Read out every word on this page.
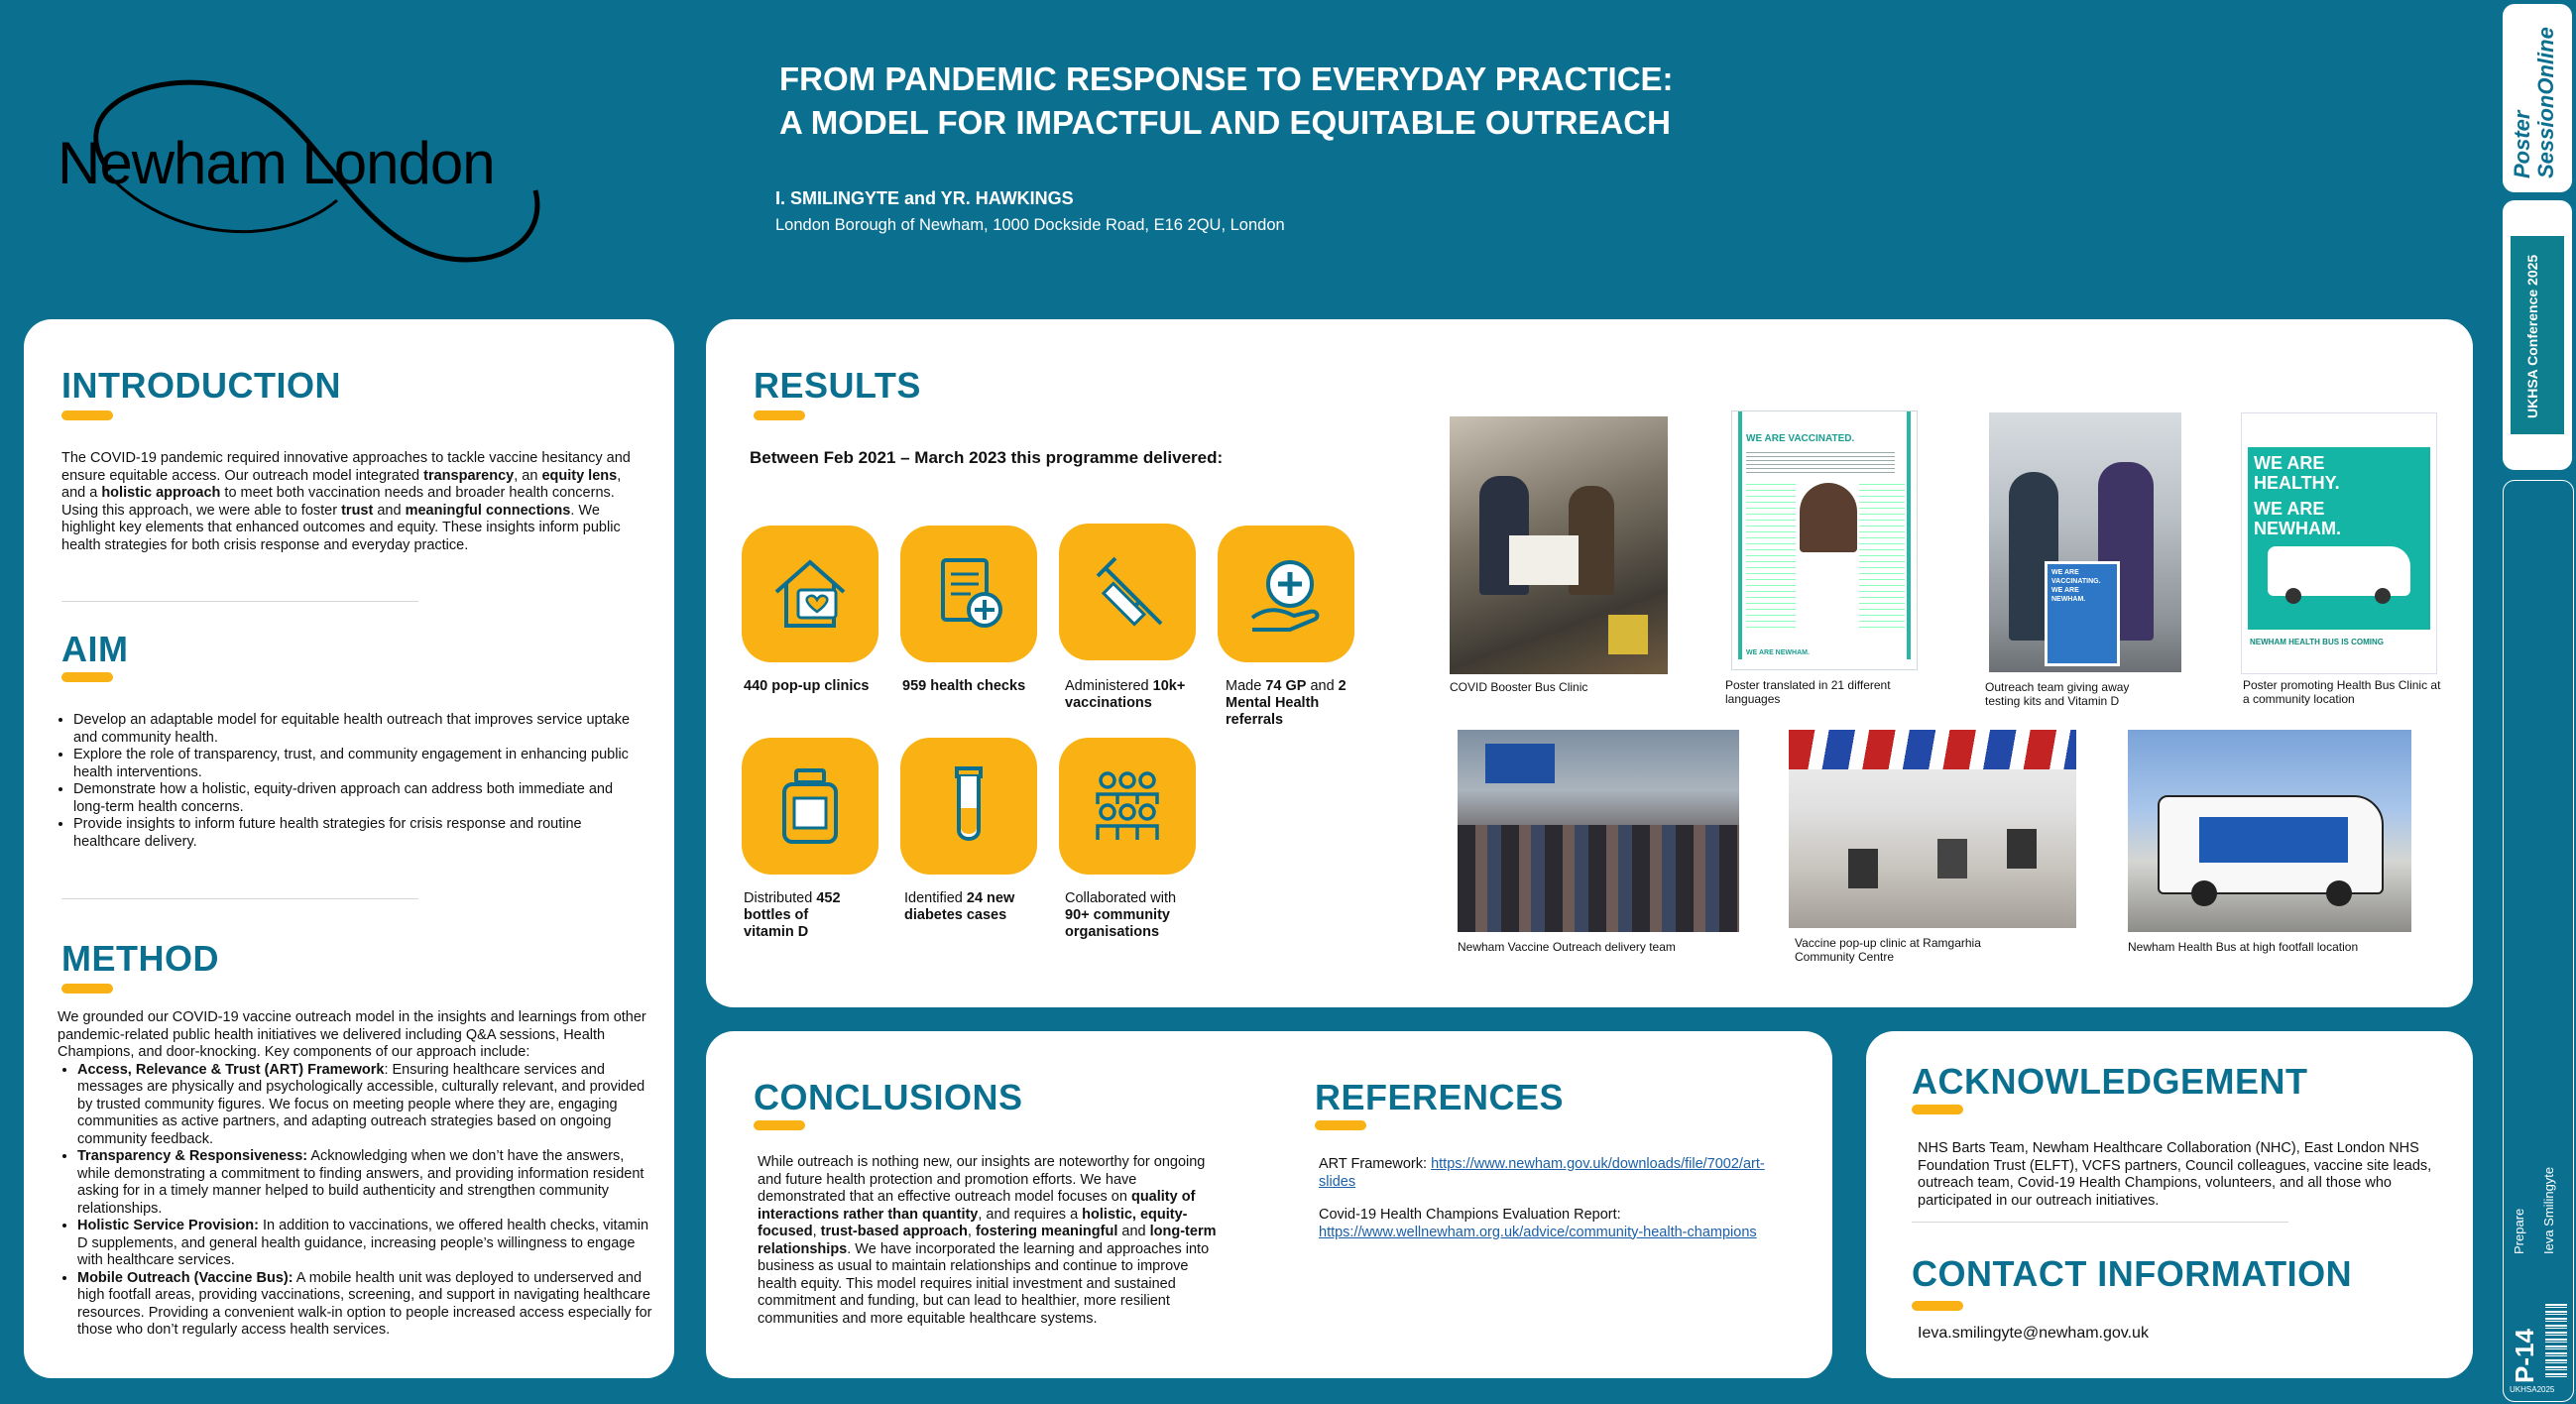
Newham London
FROM PANDEMIC RESPONSE TO EVERYDAY PRACTICE:
A MODEL FOR IMPACTFUL AND EQUITABLE OUTREACH
I. SMILINGYTE and YR. HAWKINGS
London Borough of Newham, 1000 Dockside Road, E16 2QU, London
INTRODUCTION
The COVID-19 pandemic required innovative approaches to tackle vaccine hesitancy and ensure equitable access. Our outreach model integrated transparency, an equity lens, and a holistic approach to meet both vaccination needs and broader health concerns. Using this approach, we were able to foster trust and meaningful connections. We highlight key elements that enhanced outcomes and equity. These insights inform public health strategies for both crisis response and everyday practice.
AIM
• Develop an adaptable model for equitable health outreach that improves service uptake and community health.
• Explore the role of transparency, trust, and community engagement in enhancing public health interventions.
• Demonstrate how a holistic, equity-driven approach can address both immediate and long-term health concerns.
• Provide insights to inform future health strategies for crisis response and routine healthcare delivery.
METHOD

We grounded our COVID-19 vaccine outreach model in the insights and learnings from other pandemic-related public health initiatives we delivered including Q&A sessions, Health Champions, and door-knocking. Key components of our approach include:

• Access, Relevance & Trust (ART) Framework: Ensuring healthcare services and messages are physically and psychologically accessible, culturally relevant, and provided by trusted community figures. We focus on meeting people where they are, engaging communities as active partners, and adapting outreach strategies based on ongoing community feedback.
• Transparency & Responsiveness: Acknowledging when we don’t have the answers, while demonstrating a commitment to finding answers, and providing information resident asking for in a timely manner helped to build authenticity and strengthen community relationships.
• Holistic Service Provision: In addition to vaccinations, we offered health checks, vitamin D supplements, and general health guidance, increasing people’s willingness to engage with healthcare services.
• Mobile Outreach (Vaccine Bus): A mobile health unit was deployed to underserved and high footfall areas, providing vaccinations, screening, and support in navigating healthcare resources. Providing a convenient walk-in option to people increased access especially for those who don’t regularly access health services.
RESULTS
Between Feb 2021 – March 2023 this programme delivered:
440 pop-up clinics	959 health checks	Administered 10k+ vaccinations
Made 74 GP and 2 Mental Health referrals
Distributed 452 bottles of vitamin D
Identified 24 new diabetes cases
Collaborated with 90+ community organisations
COVID Booster Bus Clinic
WE ARE VACCINATED.
WE ARE NEWHAM.
Poster translated in 21 different languages
WE ARE
VACCINATING.
WE ARE
NEWHAM.
Outreach team giving away testing kits and Vitamin D
WE ARE
HEALTHY.
WE ARE
NEWHAM.
NEWHAM HEALTH BUS IS COMING
Poster promoting Health Bus Clinic at a community location
Newham Vaccine Outreach delivery team	Vaccine pop-up clinic at Ramgarhia Community Centre
Newham Health Bus at high footfall location
CONCLUSIONS
While outreach is nothing new, our insights are noteworthy for ongoing and future health protection and promotion efforts. We have demonstrated that an effective outreach model focuses on quality of interactions rather than quantity, and requires a holistic, equity-focused, trust-based approach, fostering meaningful and long-term relationships. We have incorporated the learning and approaches into business as usual to maintain relationships and continue to improve health equity. This model requires initial investment and sustained commitment and funding, but can lead to healthier, more resilient communities and more equitable healthcare systems.
REFERENCES

ART Framework: https://www.newham.gov.uk/downloads/file/7002/art-slides

Covid-19 Health Champions Evaluation Report:
https://www.wellnewham.org.uk/advice/community-health-champions

ACKNOWLEDGEMENT
NHS Barts Team, Newham Healthcare Collaboration (NHC), East London NHS Foundation Trust (ELFT), VCFS partners, Council colleagues, vaccine site leads, outreach team, Covid-19 Health Champions, volunteers, and all those who participated in our outreach initiatives.
CONTACT INFORMATION
Ieva.smilingyte@newham.gov.uk
Poster SessionOnline
UKHSA Conference 2025
Prepare Ieva Smilingyte
P-14
UKHSA2025
